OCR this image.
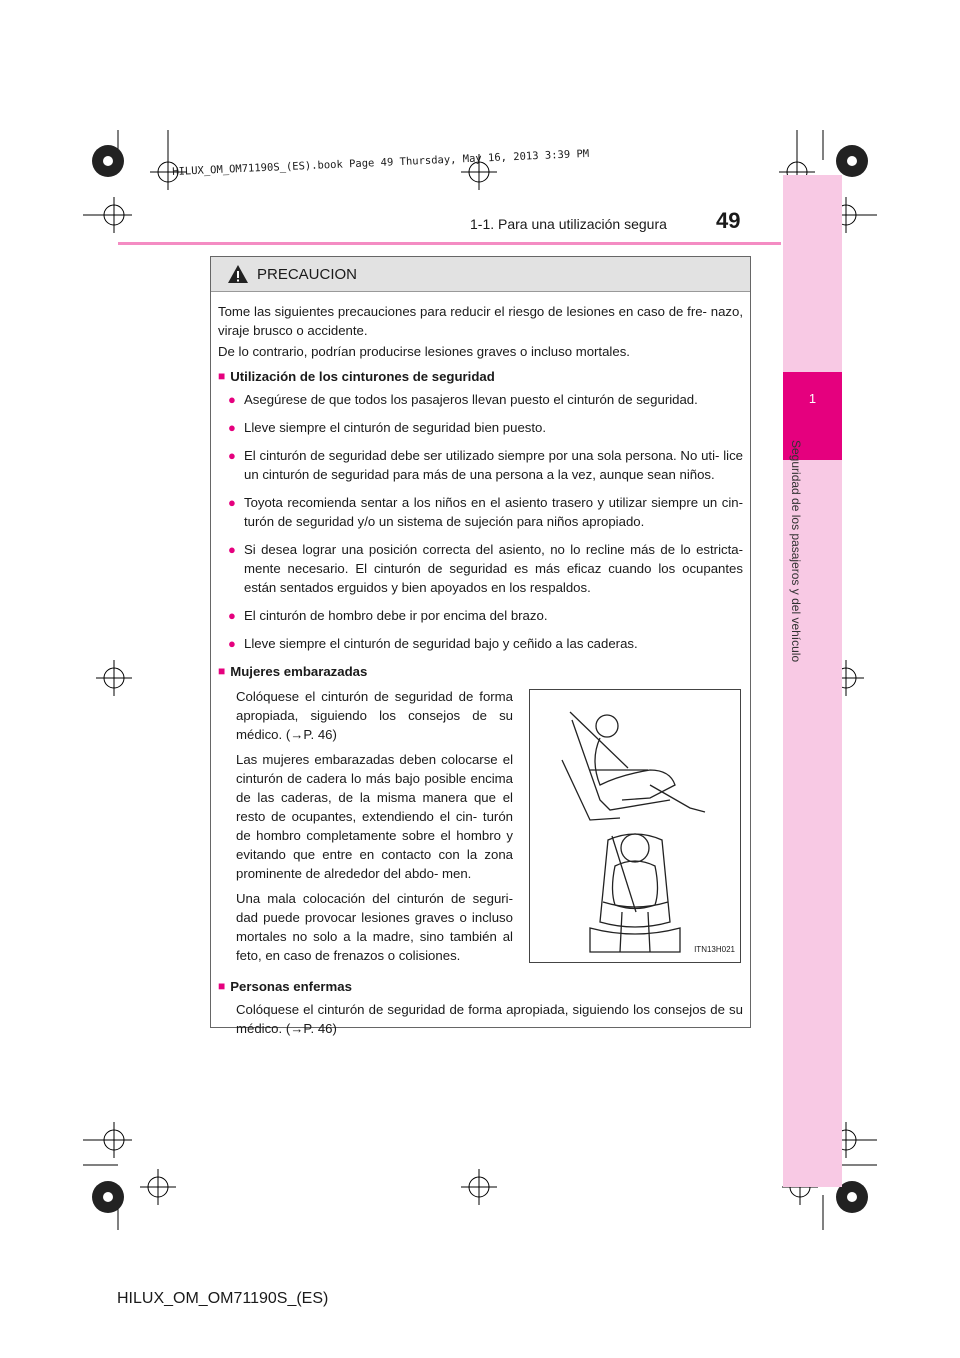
HILUX_OM_OM71190S_(ES).book Page 49 Thursday, May 16, 2013 3:39 PM
1
Seguridad de los pasajeros y del vehículo
1-1. Para una utilización segura 49
PRECAUCION

Tome las siguientes precauciones para reducir el riesgo de lesiones en caso de fre- nazo, viraje brusco o accidente.

De lo contrario, podrían producirse lesiones graves o incluso mortales.

■ Utilización de los cinturones de seguridad
● Asegúrese de que todos los pasajeros llevan puesto el cinturón de seguridad.
● Lleve siempre el cinturón de seguridad bien puesto.
● El cinturón de seguridad debe ser utilizado siempre por una sola persona. No uti- lice un cinturón de seguridad para más de una persona a la vez, aunque sean niños.
● Toyota recomienda sentar a los niños en el asiento trasero y utilizar siempre un cin- turón de seguridad y/o un sistema de sujeción para niños apropiado.
● Si desea lograr una posición correcta del asiento, no lo recline más de lo estricta- mente necesario. El cinturón de seguridad es más eficaz cuando los ocupantes están sentados erguidos y bien apoyados en los respaldos.
● El cinturón de hombro debe ir por encima del brazo.
● Lleve siempre el cinturón de seguridad bajo y ceñido a las caderas.
■ Mujeres embarazadas

Colóquese el cinturón de seguridad de forma apropiada, siguiendo los consejos de su médico. (→P. 46)

Las mujeres embarazadas deben colocarse el cinturón de cadera lo más bajo posible encima de las caderas, de la misma manera que el resto de ocupantes, extendiendo el cin- turón de hombro completamente sobre el hombro y evitando que entre en contacto con la zona prominente de alrededor del abdo- men.

Una mala colocación del cinturón de seguri- dad puede provocar lesiones graves o incluso mortales no solo a la madre, sino también al feto, en caso de frenazos o colisiones.	ITN13H021
■ Personas enfermas
Colóquese el cinturón de seguridad de forma apropiada, siguiendo los consejos de su médico. (→P. 46)
HILUX_OM_OM71190S_(ES)
